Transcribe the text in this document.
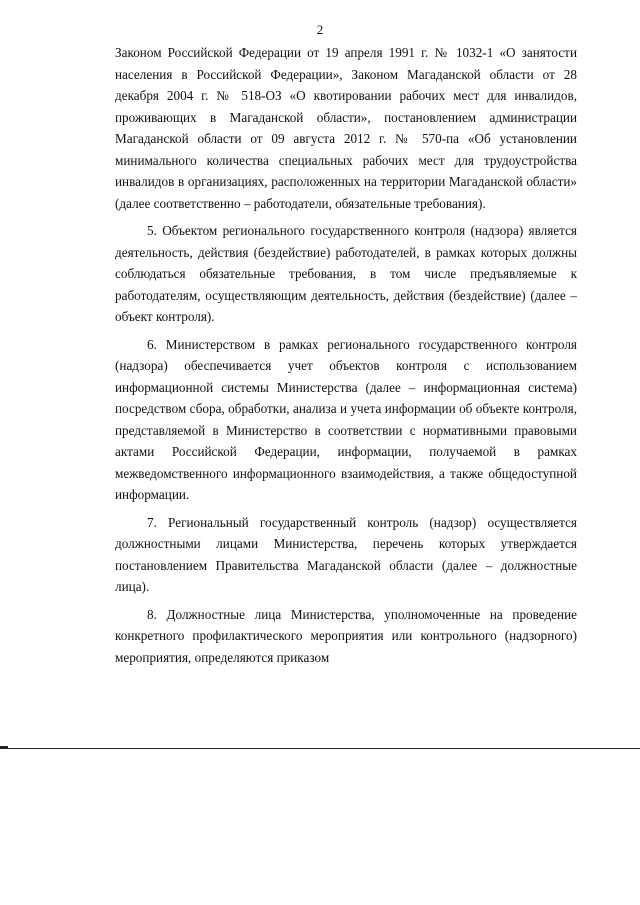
2

Законом Российской Федерации от 19 апреля 1991 г. № 1032-1 «О занятости населения в Российской Федерации», Законом Магаданской области от 28 декабря 2004 г. № 518-ОЗ «О квотировании рабочих мест для инвалидов, проживающих в Магаданской области», постановлением администрации Магаданской области от 09 августа 2012 г. № 570-па «Об установлении минимального количества специальных рабочих мест для трудоустройства инвалидов в организациях, расположенных на территории Магаданской области» (далее соответственно – работодатели, обязательные требования).

5. Объектом регионального государственного контроля (надзора) является деятельность, действия (бездействие) работодателей, в рамках которых должны соблюдаться обязательные требования, в том числе предъявляемые к работодателям, осуществляющим деятельность, действия (бездействие) (далее – объект контроля).

6. Министерством в рамках регионального государственного контроля (надзора) обеспечивается учет объектов контроля с использованием информационной системы Министерства (далее – информационная система) посредством сбора, обработки, анализа и учета информации об объекте контроля, представляемой в Министерство в соответствии с нормативными правовыми актами Российской Федерации, информации, получаемой в рамках межведомственного информационного взаимодействия, а также общедоступной информации.

7. Региональный государственный контроль (надзор) осуществляется должностными лицами Министерства, перечень которых утверждается постановлением Правительства Магаданской области (далее – должностные лица).

8. Должностные лица Министерства, уполномоченные на проведение конкретного профилактического мероприятия или контрольного (надзорного) мероприятия, определяются приказом
